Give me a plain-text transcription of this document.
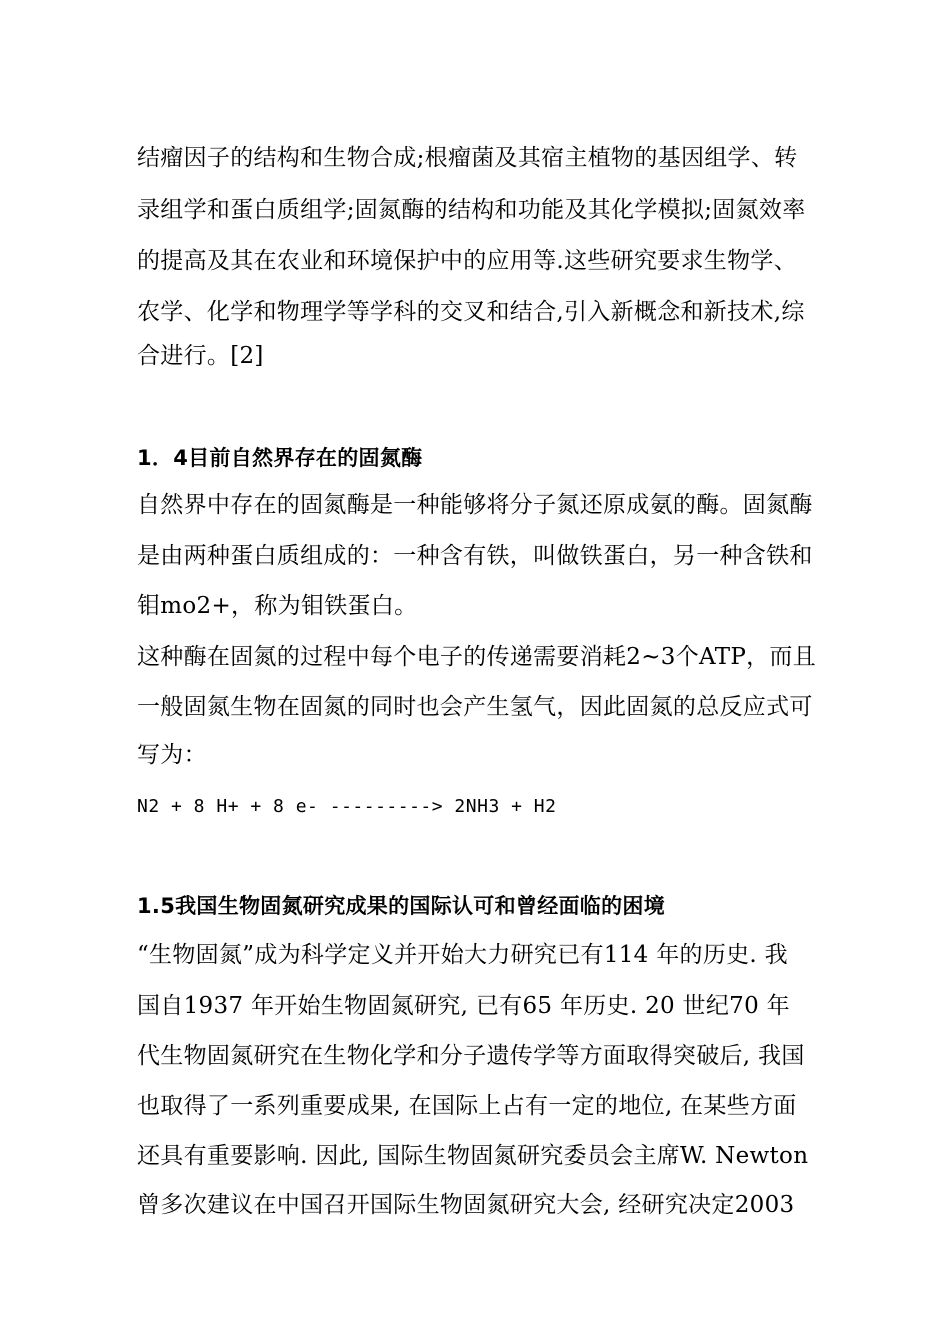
结瘤因子的结构和生物合成;根瘤菌及其宿主植物的基因组学、转
录组学和蛋白质组学;固氮酶的结构和功能及其化学模拟;固氮效率
的提高及其在农业和环境保护中的应用等.这些研究要求生物学、
农学、化学和物理学等学科的交叉和结合,引入新概念和新技术,综
合进行。[2]
1．4目前自然界存在的固氮酶
自然界中存在的固氮酶是一种能够将分子氮还原成氨的酶。固氮酶
是由两种蛋白质组成的：一种含有铁，叫做铁蛋白，另一种含铁和
钼mo2+，称为钼铁蛋白。
这种酶在固氮的过程中每个电子的传递需要消耗2~3个ATP，而且
一般固氮生物在固氮的同时也会产生氢气，因此固氮的总反应式可
写为：
N2 + 8 H+ + 8 e- ---------> 2NH3 + H2
1.5我国生物固氮研究成果的国际认可和曾经面临的困境
“生物固氮”成为科学定义并开始大力研究已有114 年的历史. 我
国自1937 年开始生物固氮研究, 已有65 年历史. 20 世纪70 年
代生物固氮研究在生物化学和分子遗传学等方面取得突破后, 我国
也取得了一系列重要成果, 在国际上占有一定的地位, 在某些方面
还具有重要影响. 因此, 国际生物固氮研究委员会主席W. Newton
曾多次建议在中国召开国际生物固氮研究大会, 经研究决定2003
